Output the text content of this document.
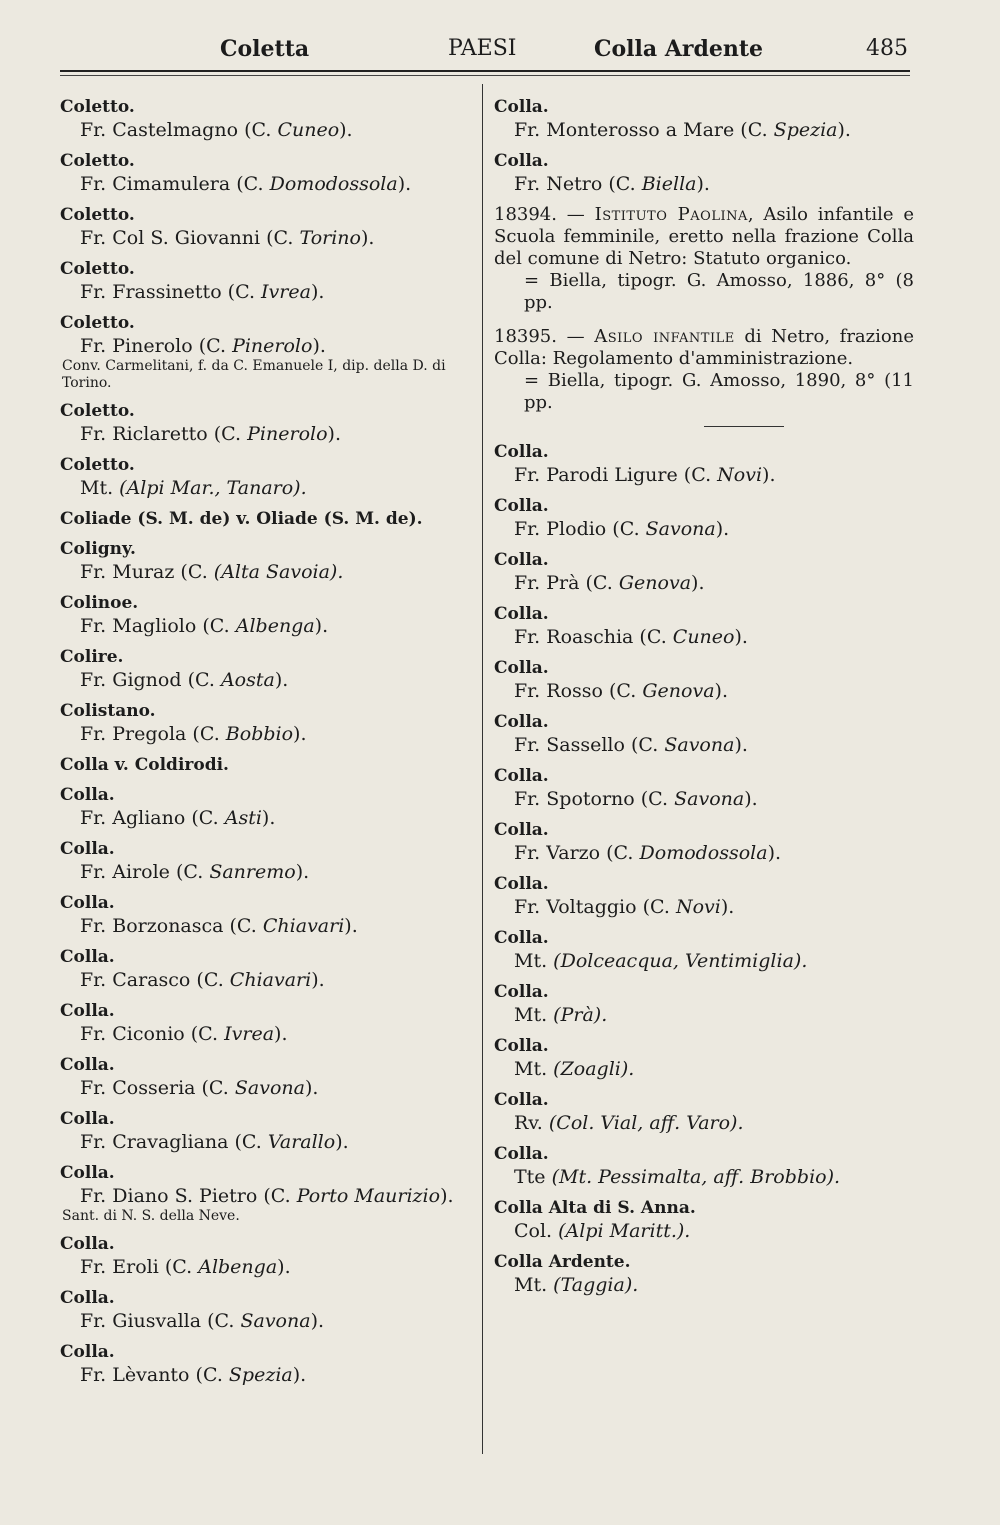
Coletta	PAESI	Colla Ardente	485
Coletto.
Fr. Castelmagno (C. Cuneo).
Coletto.
Fr. Cimamulera (C. Domodossola).
Coletto.
Fr. Col S. Giovanni (C. Torino).
Coletto.
Fr. Frassinetto (C. Ivrea).
Coletto.
Fr. Pinerolo (C. Pinerolo).
Conv. Carmelitani, f. da C. Emanuele I, dip. della D. di Torino.
Coletto.
Fr. Riclaretto (C. Pinerolo).
Coletto.
Mt. (Alpi Mar., Tanaro).
Coliade (S. M. de) v. Oliade (S. M. de).
Coligny.
Fr. Muraz (C. (Alta Savoia).
Colinoe.
Fr. Magliolo (C. Albenga).
Colire.
Fr. Gignod (C. Aosta).
Colistano.
Fr. Pregola (C. Bobbio).
Colla v. Coldirodi.
Colla.
Fr. Agliano (C. Asti).
Colla.
Fr. Airole (C. Sanremo).
Colla.
Fr. Borzonasca (C. Chiavari).
Colla.
Fr. Carasco (C. Chiavari).
Colla.
Fr. Ciconio (C. Ivrea).
Colla.
Fr. Cosseria (C. Savona).
Colla.
Fr. Cravagliana (C. Varallo).
Colla.
Fr. Diano S. Pietro (C. Porto Maurizio).
Sant. di N. S. della Neve.
Colla.
Fr. Eroli (C. Albenga).
Colla.
Fr. Giusvalla (C. Savona).
Colla.
Fr. Lèvanto (C. Spezia).
Colla.
Fr. Monterosso a Mare (C. Spezia).
Colla.
Fr. Netro (C. Biella).
18394. — Istituto Paolina, Asilo infantile e Scuola femminile, eretto nella frazione Colla del comune di Netro: Statuto organico.
= Biella, tipogr. G. Amosso, 1886, 8° (8 pp.
18395. — Asilo infantile di Netro, frazione Colla: Regolamento d'amministrazione.
= Biella, tipogr. G. Amosso, 1890, 8° (11 pp.
Colla.
Fr. Parodi Ligure (C. Novi).
Colla.
Fr. Plodio (C. Savona).
Colla.
Fr. Prà (C. Genova).
Colla.
Fr. Roaschia (C. Cuneo).
Colla.
Fr. Rosso (C. Genova).
Colla.
Fr. Sassello (C. Savona).
Colla.
Fr. Spotorno (C. Savona).
Colla.
Fr. Varzo (C. Domodossola).
Colla.
Fr. Voltaggio (C. Novi).
Colla.
Mt. (Dolceacqua, Ventimiglia).
Colla.
Mt. (Prà).
Colla.
Mt. (Zoagli).
Colla.
Rv. (Col. Vial, aff. Varo).
Colla.
Tte (Mt. Pessimalta, aff. Brobbio).
Colla Alta di S. Anna.
Col. (Alpi Maritt.).
Colla Ardente.
Mt. (Taggia).
